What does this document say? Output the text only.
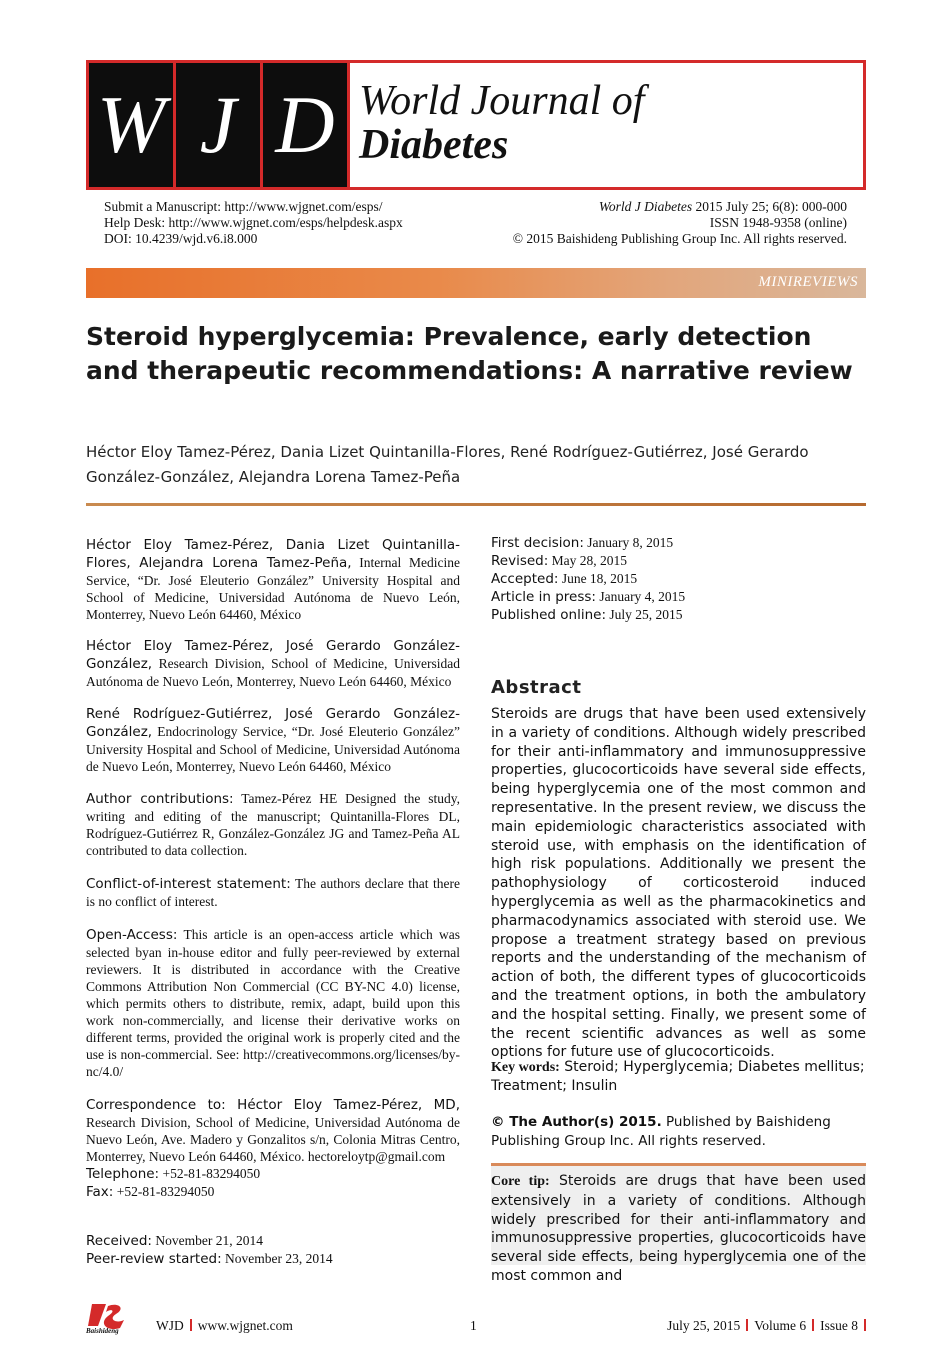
W J D World Journal of
Diabetes
Submit a Manuscript: http://www.wjgnet.com/esps/
Help Desk: http://www.wjgnet.com/esps/helpdesk.aspx
DOI: 10.4239/wjd.v6.i8.000
World J Diabetes 2015 July 25; 6(8): 000-000
ISSN 1948-9358 (online)
© 2015 Baishideng Publishing Group Inc. All rights reserved.
MINIREVIEWS
Steroid hyperglycemia: Prevalence, early detection and therapeutic recommendations: A narrative review
Héctor Eloy Tamez-Pérez, Dania Lizet Quintanilla-Flores, René Rodríguez-Gutiérrez, José Gerardo González-González, Alejandra Lorena Tamez-Peña
Héctor Eloy Tamez-Pérez, Dania Lizet Quintanilla-Flores, Alejandra Lorena Tamez-Peña, Internal Medicine Service, “Dr. José Eleuterio González” University Hospital and School of Medicine, Universidad Autónoma de Nuevo León, Monterrey, Nuevo León 64460, México
Héctor Eloy Tamez-Pérez, José Gerardo González-González, Research Division, School of Medicine, Universidad Autónoma de Nuevo León, Monterrey, Nuevo León 64460, México
René Rodríguez-Gutiérrez, José Gerardo González-González, Endocrinology Service, “Dr. José Eleuterio González” University Hospital and School of Medicine, Universidad Autónoma de Nuevo León, Monterrey, Nuevo León 64460, México
Author contributions: Tamez-Pérez HE Designed the study, writing and editing of the manuscript; Quintanilla-Flores DL, Rodríguez-Gutiérrez R, González-González JG and Tamez-Peña AL contributed to data collection.
Conflict-of-interest statement: The authors declare that there is no conflict of interest.
Open-Access: This article is an open-access article which was selected byan in-house editor and fully peer-reviewed by external reviewers. It is distributed in accordance with the Creative Commons Attribution Non Commercial (CC BY-NC 4.0) license, which permits others to distribute, remix, adapt, build upon this work non-commercially, and license their derivative works on different terms, provided the original work is properly cited and the use is non-commercial. See: http://creativecommons.org/licenses/by-nc/4.0/
Correspondence to: Héctor Eloy Tamez-Pérez, MD, Research Division, School of Medicine, Universidad Autónoma de Nuevo León, Ave. Madero y Gonzalitos s/n, Colonia Mitras Centro, Monterrey, Nuevo León 64460, México. hectoreloytp@gmail.com
Telephone: +52-81-83294050
Fax: +52-81-83294050
Received: November 21, 2014
Peer-review started: November 23, 2014
First decision: January 8, 2015
Revised: May 28, 2015
Accepted: June 18, 2015
Article in press: January 4, 2015
Published online: July 25, 2015
Abstract
Steroids are drugs that have been used extensively in a variety of conditions. Although widely prescribed for their anti-inflammatory and immunosuppressive properties, glucocorticoids have several side effects, being hyperglycemia one of the most common and representative. In the present review, we discuss the main epidemiologic characteristics associated with steroid use, with emphasis on the identification of high risk populations. Additionally we present the pathophysiology of corticosteroid induced hyperglycemia as well as the pharmacokinetics and pharmacodynamics associated with steroid use. We propose a treatment strategy based on previous reports and the understanding of the mechanism of action of both, the different types of glucocorticoids and the treatment options, in both the ambulatory and the hospital setting. Finally, we present some of the recent scientific advances as well as some options for future use of glucocorticoids.
Key words: Steroid; Hyperglycemia; Diabetes mellitus; Treatment; Insulin
© The Author(s) 2015. Published by Baishideng Publishing Group Inc. All rights reserved.

Core tip: Steroids are drugs that have been used extensively in a variety of conditions. Although widely prescribed for their anti-inflammatory and immunosuppressive properties, glucocorticoids have several side effects, being hyperglycemia one of the most common and

Baishideng	WJD www.wjgnet.com	1	July 25, 2015 Volume 6 Issue 8
